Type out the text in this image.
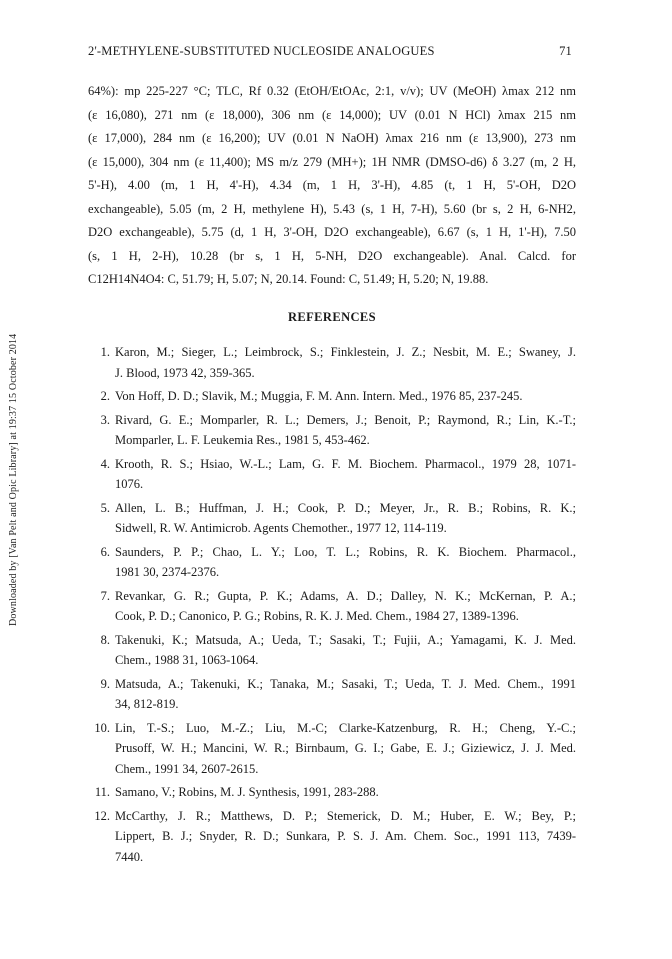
Downloaded by [Van Pelt and Opic Library] at 19:37 15 October 2014
2'-METHYLENE-SUBSTITUTED NUCLEOSIDE ANALOGUES	71
64%): mp 225-227 °C; TLC, Rf 0.32 (EtOH/EtOAc, 2:1, v/v); UV (MeOH) λmax 212 nm
(ε 16,080), 271 nm (ε 18,000), 306 nm (ε 14,000); UV (0.01 N HCl) λmax 215 nm
(ε 17,000), 284 nm (ε 16,200); UV (0.01 N NaOH) λmax 216 nm (ε 13,900), 273 nm
(ε 15,000), 304 nm (ε 11,400); MS m/z 279 (MH+); 1H NMR (DMSO-d6) δ 3.27 (m, 2 H,
5'-H), 4.00 (m, 1 H, 4'-H), 4.34 (m, 1 H, 3'-H), 4.85 (t, 1 H, 5'-OH, D2O
exchangeable), 5.05 (m, 2 H, methylene H), 5.43 (s, 1 H, 7-H), 5.60 (br s, 2 H, 6-NH2,
D2O exchangeable), 5.75 (d, 1 H, 3'-OH, D2O exchangeable), 6.67 (s, 1 H, 1'-H), 7.50
(s, 1 H, 2-H), 10.28 (br s, 1 H, 5-NH, D2O exchangeable). Anal. Calcd. for
C12H14N4O4: C, 51.79; H, 5.07; N, 20.14. Found: C, 51.49; H, 5.20; N, 19.88.
REFERENCES
1. Karon, M.; Sieger, L.; Leimbrock, S.; Finklestein, J. Z.; Nesbit, M. E.; Swaney, J.
J. Blood, 1973 42, 359-365.
2. Von Hoff, D. D.; Slavik, M.; Muggia, F. M. Ann. Intern. Med., 1976 85, 237-245.
3. Rivard, G. E.; Momparler, R. L.; Demers, J.; Benoit, P.; Raymond, R.; Lin, K.-T.;
Momparler, L. F. Leukemia Res., 1981 5, 453-462.
4. Krooth, R. S.; Hsiao, W.-L.; Lam, G. F. M. Biochem. Pharmacol., 1979 28, 1071-
1076.
5. Allen, L. B.; Huffman, J. H.; Cook, P. D.; Meyer, Jr., R. B.; Robins, R. K.;
Sidwell, R. W. Antimicrob. Agents Chemother., 1977 12, 114-119.
6. Saunders, P. P.; Chao, L. Y.; Loo, T. L.; Robins, R. K. Biochem. Pharmacol.,
1981 30, 2374-2376.
7. Revankar, G. R.; Gupta, P. K.; Adams, A. D.; Dalley, N. K.; McKernan, P. A.;
Cook, P. D.; Canonico, P. G.; Robins, R. K. J. Med. Chem., 1984 27, 1389-1396.
8. Takenuki, K.; Matsuda, A.; Ueda, T.; Sasaki, T.; Fujii, A.; Yamagami, K. J. Med.
Chem., 1988 31, 1063-1064.
9. Matsuda, A.; Takenuki, K.; Tanaka, M.; Sasaki, T.; Ueda, T. J. Med. Chem., 1991
34, 812-819.
10. Lin, T.-S.; Luo, M.-Z.; Liu, M.-C; Clarke-Katzenburg, R. H.; Cheng, Y.-C.;
Prusoff, W. H.; Mancini, W. R.; Birnbaum, G. I.; Gabe, E. J.; Giziewicz, J. J. Med.
Chem., 1991 34, 2607-2615.
11. Samano, V.; Robins, M. J. Synthesis, 1991, 283-288.
12. McCarthy, J. R.; Matthews, D. P.; Stemerick, D. M.; Huber, E. W.; Bey, P.;
Lippert, B. J.; Snyder, R. D.; Sunkara, P. S. J. Am. Chem. Soc., 1991 113, 7439-
7440.
